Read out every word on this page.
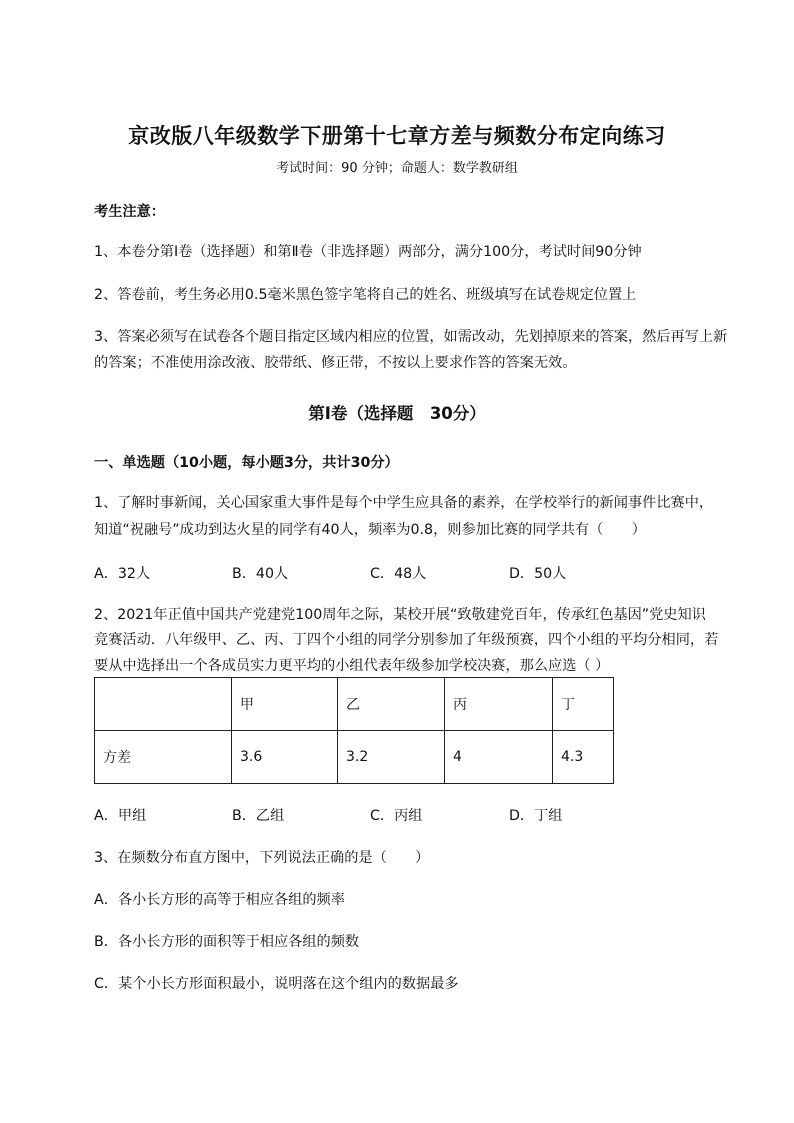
京改版八年级数学下册第十七章方差与频数分布定向练习
考试时间：90 分钟；命题人：数学教研组
考生注意：
1、本卷分第Ⅰ卷（选择题）和第Ⅱ卷（非选择题）两部分，满分100分，考试时间90分钟
2、答卷前，考生务必用0.5毫米黑色签字笔将自己的姓名、班级填写在试卷规定位置上
3、答案必须写在试卷各个题目指定区域内相应的位置，如需改动，先划掉原来的答案，然后再写上新
的答案；不准使用涂改液、胶带纸、修正带，不按以上要求作答的答案无效。
第Ⅰ卷（选择题　30分）
一、单选题（10小题，每小题3分，共计30分）
1、了解时事新闻，关心国家重大事件是每个中学生应具备的素养，在学校举行的新闻事件比赛中，
知道“祝融号”成功到达火星的同学有40人，频率为0.8，则参加比赛的同学共有（　　）
A．32人	B．40人	C．48人	D．50人
2、2021年正值中国共产党建党100周年之际，某校开展“致敬建党百年，传承红色基因”党史知识
竞赛活动．八年级甲、乙、丙、丁四个小组的同学分别参加了年级预赛，四个小组的平均分相同，若
要从中选择出一个各成员实力更平均的小组代表年级参加学校决赛，那么应选（ ）
	甲	乙	丙	丁
方差	3.6	3.2	4	4.3
A．甲组	B．乙组	C．丙组	D．丁组
3、在频数分布直方图中，下列说法正确的是（　　）
A．各小长方形的高等于相应各组的频率
B．各小长方形的面积等于相应各组的频数
C．某个小长方形面积最小，说明落在这个组内的数据最多
